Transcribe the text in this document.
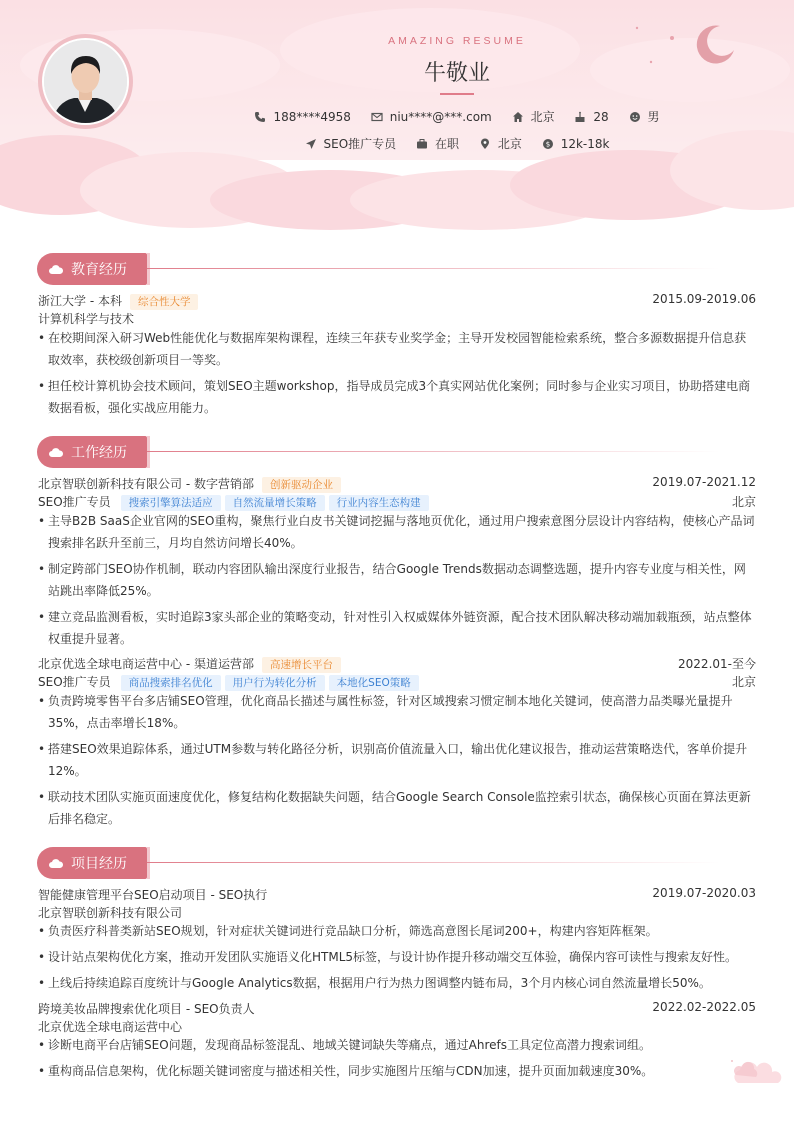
AMAZING RESUME
牛敬业
188****4958
	niu****@***.com
	北京
	28
	男
SEO推广专员
	在职
	北京
	$ 12k-18k
教育经历
浙江大学 - 本科 综合性大学	2015.09-2019.06
计算机科学与技术
• 在校期间深入研习Web性能优化与数据库架构课程，连续三年获专业奖学金；主导开发校园智能检索系统，整合多源数据提升信息获取效率，获校级创新项目一等奖。
• 担任校计算机协会技术顾问，策划SEO主题workshop，指导成员完成3个真实网站优化案例；同时参与企业实习项目，协助搭建电商数据看板，强化实战应用能力。
工作经历
北京智联创新科技有限公司 - 数字营销部 创新驱动企业	2019.07-2021.12
SEO推广专员 搜索引擎算法适应 自然流量增长策略 行业内容生态构建	北京
• 主导B2B SaaS企业官网的SEO重构，聚焦行业白皮书关键词挖掘与落地页优化，通过用户搜索意图分层设计内容结构，使核心产品词搜索排名跃升至前三，月均自然访问增长40%。
• 制定跨部门SEO协作机制，联动内容团队输出深度行业报告，结合Google Trends数据动态调整选题，提升内容专业度与相关性，网站跳出率降低25%。
• 建立竞品监测看板，实时追踪3家头部企业的策略变动，针对性引入权威媒体外链资源，配合技术团队解决移动端加载瓶颈，站点整体权重提升显著。
北京优选全球电商运营中心 - 渠道运营部 高速增长平台	2022.01-至今
SEO推广专员 商品搜索排名优化 用户行为转化分析 本地化SEO策略	北京
• 负责跨境零售平台多店铺SEO管理，优化商品长描述与属性标签，针对区域搜索习惯定制本地化关键词，使高潜力品类曝光量提升35%，点击率增长18%。
• 搭建SEO效果追踪体系，通过UTM参数与转化路径分析，识别高价值流量入口，输出优化建议报告，推动运营策略迭代，客单价提升12%。
• 联动技术团队实施页面速度优化，修复结构化数据缺失问题，结合Google Search Console监控索引状态，确保核心页面在算法更新后排名稳定。
项目经历
智能健康管理平台SEO启动项目 - SEO执行	2019.07-2020.03
北京智联创新科技有限公司
• 负责医疗科普类新站SEO规划，针对症状关键词进行竞品缺口分析，筛选高意图长尾词200+，构建内容矩阵框架。
• 设计站点架构优化方案，推动开发团队实施语义化HTML5标签，与设计协作提升移动端交互体验，确保内容可读性与搜索友好性。
• 上线后持续追踪百度统计与Google Analytics数据，根据用户行为热力图调整内链布局，3个月内核心词自然流量增长50%。
跨境美妆品牌搜索优化项目 - SEO负责人	2022.02-2022.05
北京优选全球电商运营中心
• 诊断电商平台店铺SEO问题，发现商品标签混乱、地域关键词缺失等痛点，通过Ahrefs工具定位高潜力搜索词组。
• 重构商品信息架构，优化标题关键词密度与描述相关性，同步实施图片压缩与CDN加速，提升页面加载速度30%。
